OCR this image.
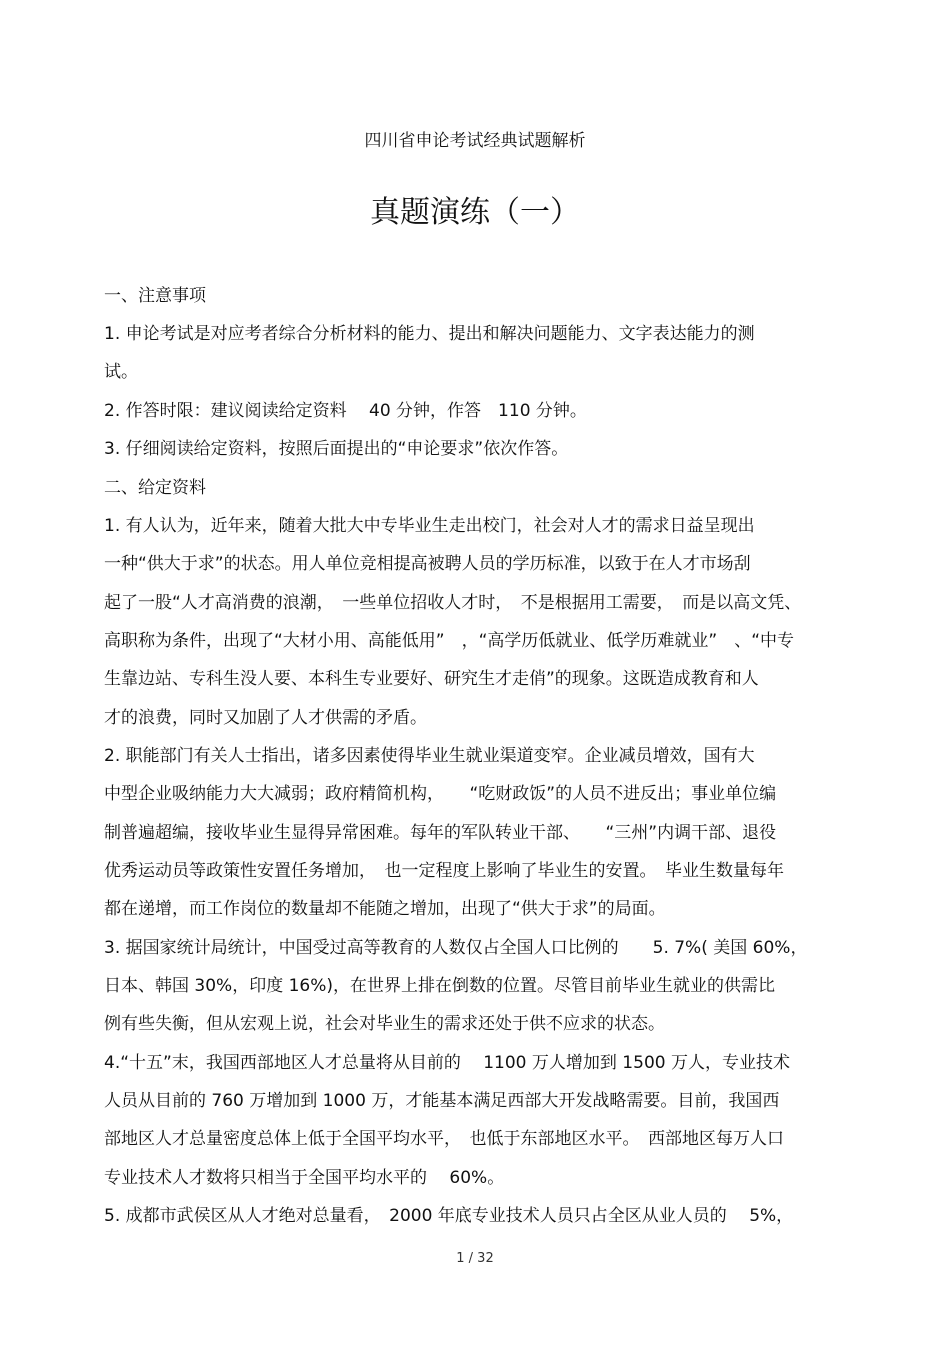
四川省申论考试经典试题解析
真题演练（一）
一、注意事项
1. 申论考试是对应考者综合分析材料的能力、提出和解决问题能力、文字表达能力的测
试。
2. 作答时限：建议阅读给定资料　 40 分钟，作答　110 分钟。
3. 仔细阅读给定资料，按照后面提出的“申论要求”依次作答。
二、给定资料
1. 有人认为，近年来，随着大批大中专毕业生走出校门，社会对人才的需求日益呈现出
一种“供大于求”的状态。用人单位竞相提高被聘人员的学历标准，以致于在人才市场刮
起了一股“人才高消费的浪潮，　一些单位招收人才时，　不是根据用工需要，　而是以高文凭、
高职称为条件，出现了“大材小用、高能低用”　，“高学历低就业、低学历难就业”　、“中专
生靠边站、专科生没人要、本科生专业要好、研究生才走俏”的现象。这既造成教育和人
才的浪费，同时又加剧了人才供需的矛盾。
2. 职能部门有关人士指出，诸多因素使得毕业生就业渠道变窄。企业减员增效，国有大
中型企业吸纳能力大大减弱；政府精简机构，　　“吃财政饭”的人员不进反出；事业单位编
制普遍超编，接收毕业生显得异常困难。每年的军队转业干部、　　“三州”内调干部、退役
优秀运动员等政策性安置任务增加，　也一定程度上影响了毕业生的安置。　毕业生数量每年
都在递增，而工作岗位的数量却不能随之增加，出现了“供大于求”的局面。
3. 据国家统计局统计，中国受过高等教育的人数仅占全国人口比例的　　5. 7%( 美国 60%，
日本、韩国 30%，印度 16%)，在世界上排在倒数的位置。尽管目前毕业生就业的供需比
例有些失衡，但从宏观上说，社会对毕业生的需求还处于供不应求的状态。
4.“十五”末，我国西部地区人才总量将从目前的　 1100 万人增加到 1500 万人，专业技术
人员从目前的 760 万增加到 1000 万，才能基本满足西部大开发战略需要。目前，我国西
部地区人才总量密度总体上低于全国平均水平，　也低于东部地区水平。　西部地区每万人口
专业技术人才数将只相当于全国平均水平的　 60%。
5. 成都市武侯区从人才绝对总量看，　2000 年底专业技术人员只占全区从业人员的　 5%，
1 / 32
